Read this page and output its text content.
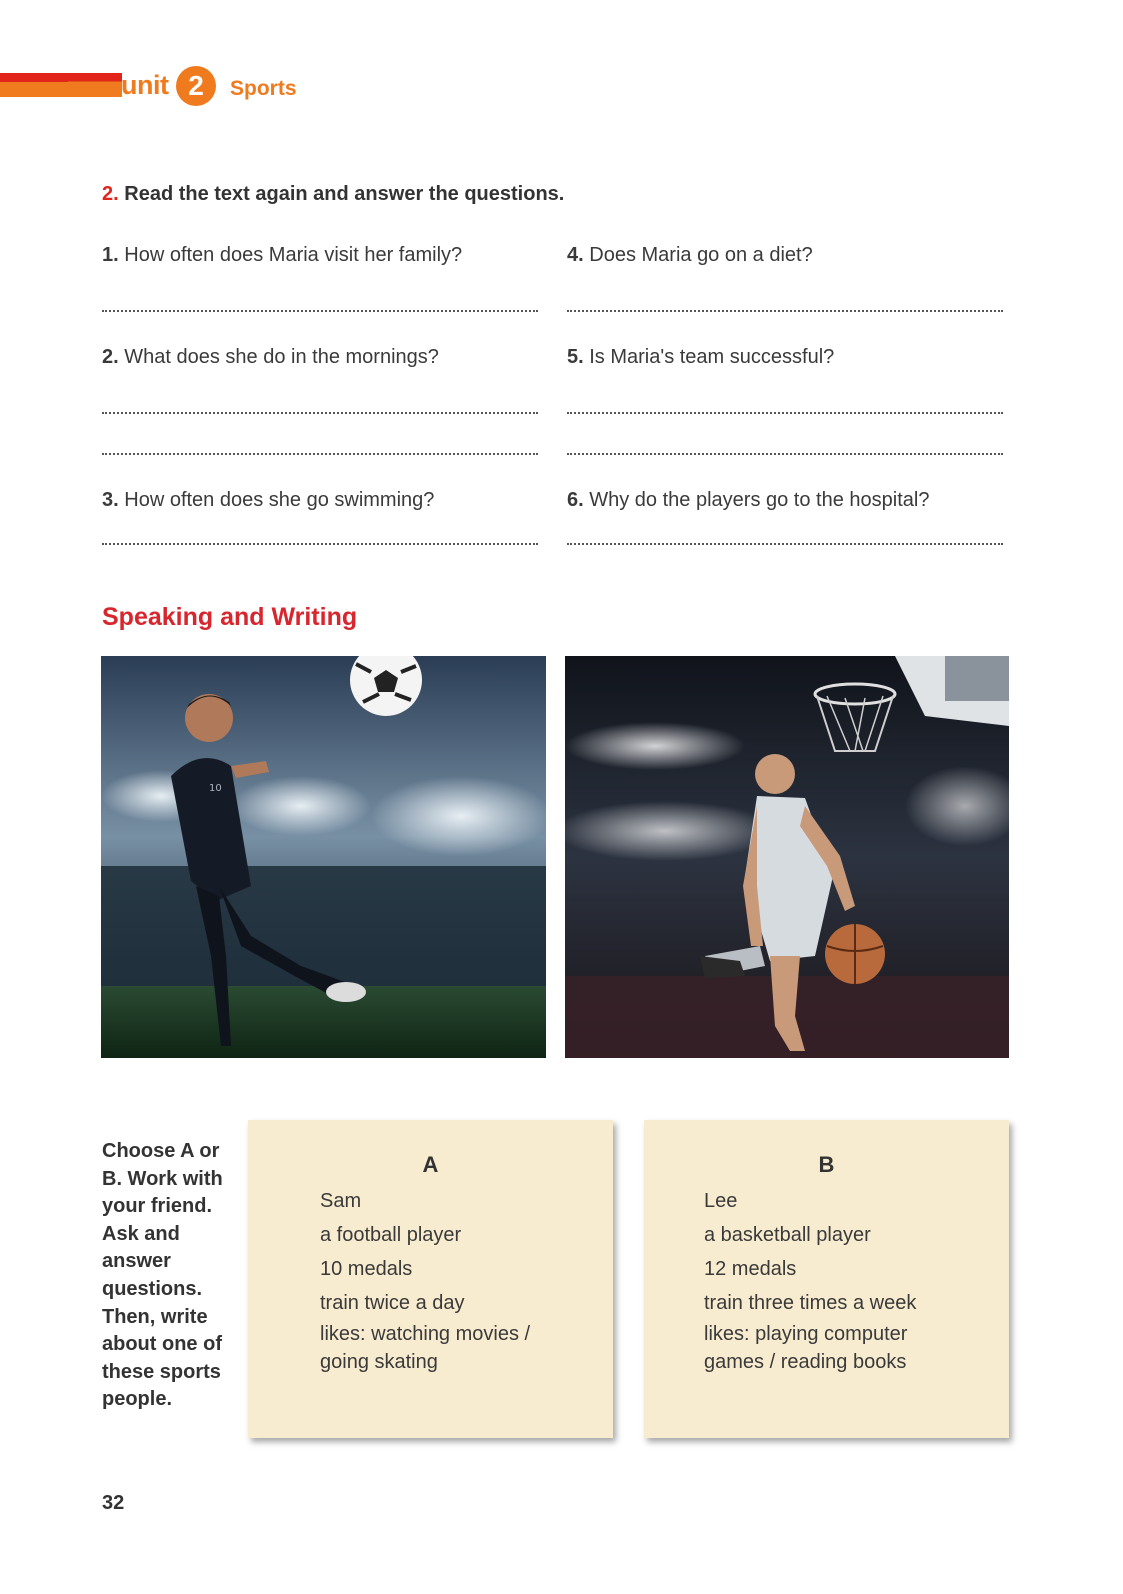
unit 2	Sports
2. Read the text again and answer the questions.
1. How often does Maria visit her family?
2. What does she do in the mornings?
3. How often does she go swimming?
4. Does Maria go on a diet?
5. Is Maria's team successful?
6. Why do the players go to the hospital?
Speaking and Writing
10
Choose A or B. Work with your friend. Ask and answer questions. Then, write about one of these sports people.
A
Sam
a football player
10 medals
train twice a day
likes: watching movies /
going skating
B
Lee
a basketball player
12 medals
train three times a week
likes: playing computer
games / reading books
32
